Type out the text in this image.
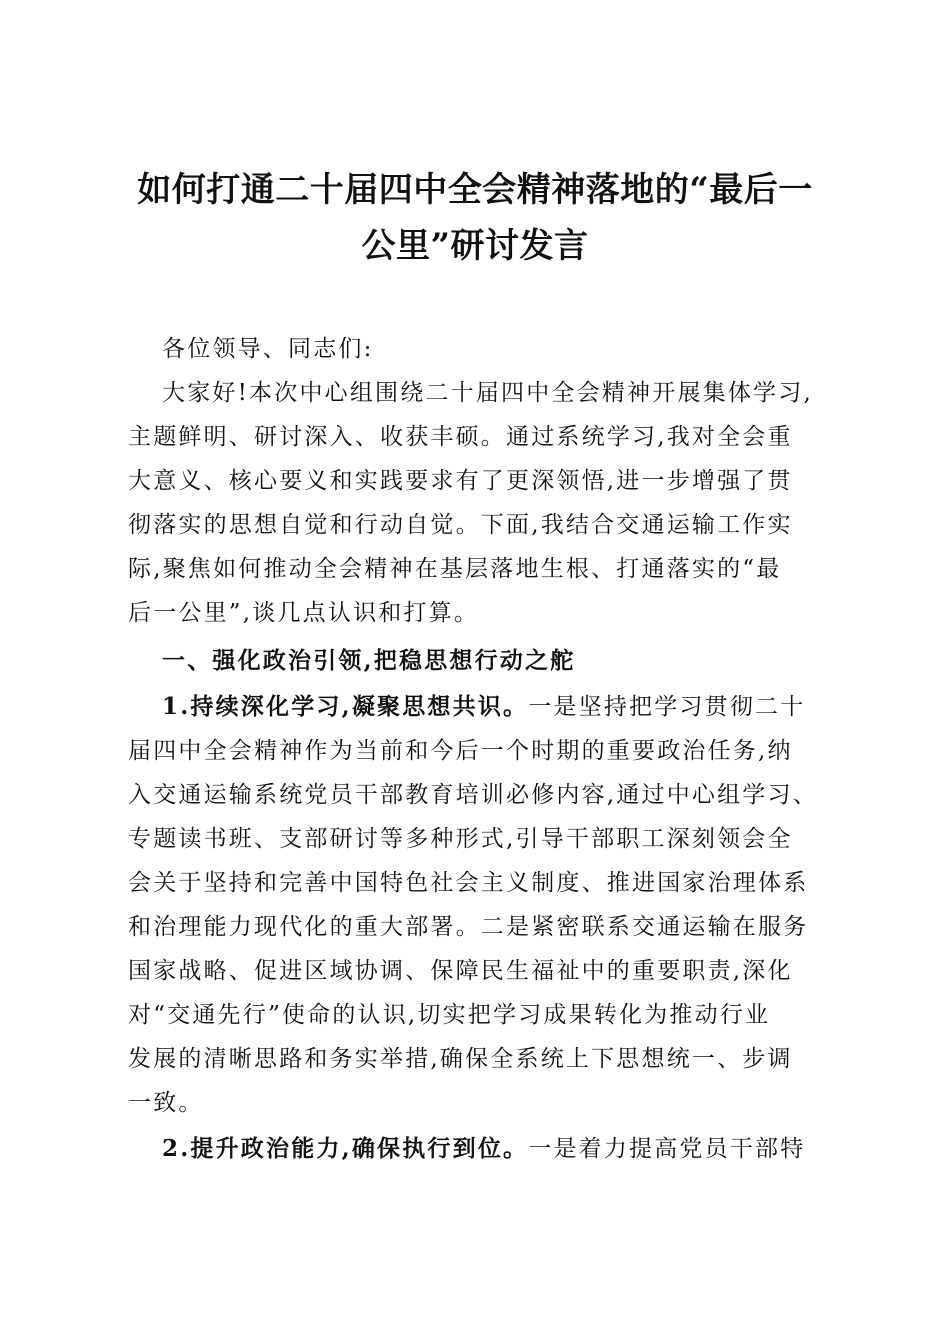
如何打通二十届四中全会精神落地的“最后一
公里”研讨发言
各位领导、同志们:
大家好!本次中心组围绕二十届四中全会精神开展集体学习,
主题鲜明、研讨深入、收获丰硕。通过系统学习,我对全会重
大意义、核心要义和实践要求有了更深领悟,进一步增强了贯
彻落实的思想自觉和行动自觉。下面,我结合交通运输工作实
际,聚焦如何推动全会精神在基层落地生根、打通落实的“最
后一公里”,谈几点认识和打算。
一、强化政治引领,把稳思想行动之舵
1.持续深化学习,凝聚思想共识。一是坚持把学习贯彻二十
届四中全会精神作为当前和今后一个时期的重要政治任务,纳
入交通运输系统党员干部教育培训必修内容,通过中心组学习、
专题读书班、支部研讨等多种形式,引导干部职工深刻领会全
会关于坚持和完善中国特色社会主义制度、推进国家治理体系
和治理能力现代化的重大部署。二是紧密联系交通运输在服务
国家战略、促进区域协调、保障民生福祉中的重要职责,深化
对“交通先行”使命的认识,切实把学习成果转化为推动行业
发展的清晰思路和务实举措,确保全系统上下思想统一、步调
一致。
2.提升政治能力,确保执行到位。一是着力提高党员干部特
